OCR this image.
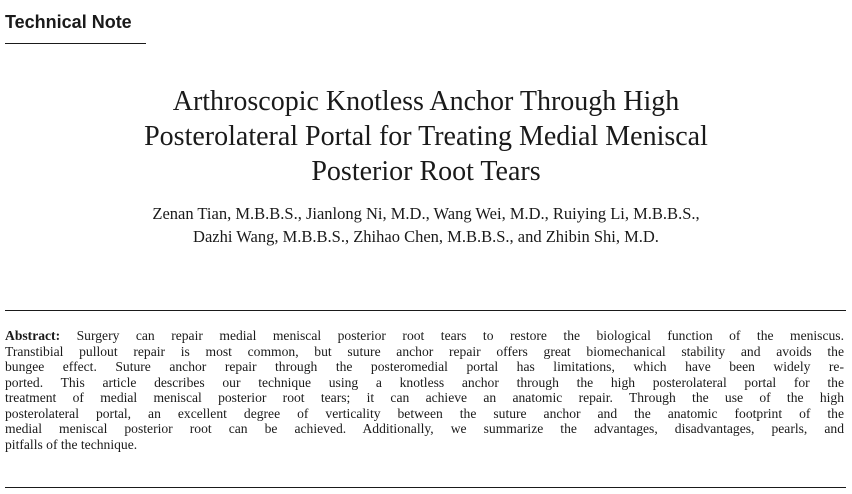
Technical Note
Arthroscopic Knotless Anchor Through High
Posterolateral Portal for Treating Medial Meniscal
Posterior Root Tears

Zenan Tian, M.B.B.S., Jianlong Ni, M.D., Wang Wei, M.D., Ruiying Li, M.B.B.S.,
Dazhi Wang, M.B.B.S., Zhihao Chen, M.B.B.S., and Zhibin Shi, M.D.

Abstract: Surgery can repair medial meniscal posterior root tears to restore the biological function of the meniscus.
Transtibial pullout repair is most common, but suture anchor repair offers great biomechanical stability and avoids the
bungee effect. Suture anchor repair through the posteromedial portal has limitations, which have been widely re-
ported. This article describes our technique using a knotless anchor through the high posterolateral portal for the
treatment of medial meniscal posterior root tears; it can achieve an anatomic repair. Through the use of the high
posterolateral portal, an excellent degree of verticality between the suture anchor and the anatomic footprint of the
medial meniscal posterior root can be achieved. Additionally, we summarize the advantages, disadvantages, pearls, and
pitfalls of the technique.
